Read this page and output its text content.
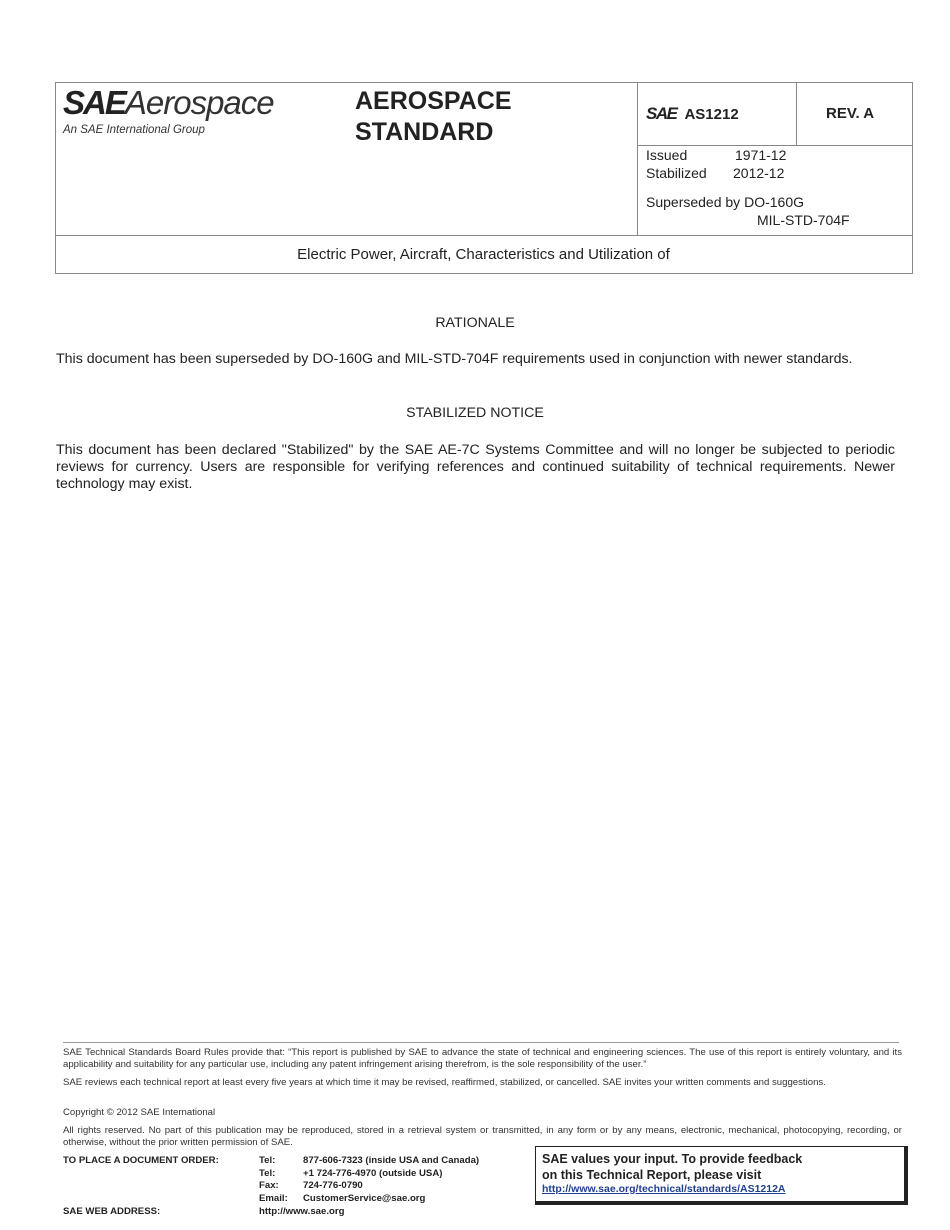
SAEAerospace
An SAE International Group
AEROSPACE
STANDARD
SAE AS1212	REV. A
Issued	1971-12
Stabilized 2012-12
Superseded by DO-160G
MIL-STD-704F
Electric Power, Aircraft, Characteristics and Utilization of
RATIONALE
This document has been superseded by DO-160G and MIL-STD-704F requirements used in conjunction with newer standards.
STABILIZED NOTICE
This document has been declared "Stabilized" by the SAE AE-7C Systems Committee and will no longer be subjected to periodic reviews for currency. Users are responsible for verifying references and continued suitability of technical requirements. Newer technology may exist.
SAE Technical Standards Board Rules provide that: “This report is published by SAE to advance the state of technical and engineering sciences. The use of this report is entirely voluntary, and its applicability and suitability for any particular use, including any patent infringement arising therefrom, is the sole responsibility of the user.”
SAE reviews each technical report at least every five years at which time it may be revised, reaffirmed, stabilized, or cancelled. SAE invites your written comments and suggestions.
Copyright © 2012 SAE International
All rights reserved. No part of this publication may be reproduced, stored in a retrieval system or transmitted, in any form or by any means, electronic, mechanical, photocopying, recording, or otherwise, without the prior written permission of SAE.
TO PLACE A DOCUMENT ORDER:	Tel:	877-606-7323 (inside USA and Canada)
Tel:	+1 724-776-4970 (outside USA)
Fax:	724-776-0790
Email: CustomerService@sae.org
SAE WEB ADDRESS:	http://www.sae.org
SAE values your input. To provide feedback
on this Technical Report, please visit
http://www.sae.org/technical/standards/AS1212A
